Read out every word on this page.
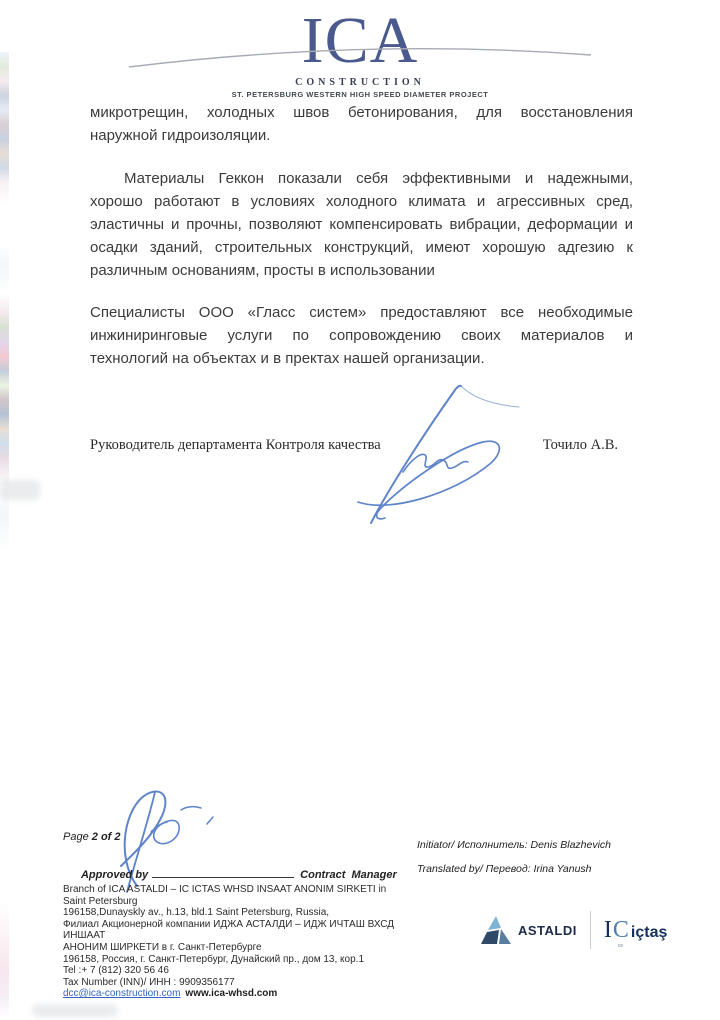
ICA
CONSTRUCTION
ST. PETERSBURG WESTERN HIGH SPEED DIAMETER PROJECT
микротрещин, холодных швов бетонирования, для восстановления
наружной гидроизоляции.
Материалы Геккон показали себя эффективными и надежными,
хорошо работают в условиях холодного климата и агрессивных сред,
эластичны и прочны, позволяют компенсировать вибрации, деформации и
осадки зданий, строительных конструкций, имеют хорошую адгезию к
различным основаниям, просты в использовании
Специалисты ООО «Гласс систем» предоставляют все необходимые
инжиниринговые услуги по сопровождению своих материалов и
технологий на объектах и в пректах нашей организации.
Руководитель департамента Контроля качества	Точило А.В.
Page 2 of 2

Approved by	Contract  Manager

Initiator/ Исполнитель: Denis Blazhevich
Translated by/ Перевод: Irina Yanush
Branch of ICA ASTALDI – IC ICTAS WHSD INSAAT ANONIM SIRKETI in
Saint Petersburg
196158,Dunayskly av., h.13, bld.1 Saint Petersburg, Russia,
Филиал Акционерной компании ИДЖА АСТАЛДИ – ИДЖ ИЧТАШ ВХСД ИНШААТ
АНОНИМ ШИРКЕТИ в г. Санкт-Петербурге
196158, Россия, г. Санкт-Петербург, Дунайский пр., дом 13, кор.1
Tel :+ 7 (812) 320 56 46
Tax Number (INN)/ ИНН : 9909356177
dcc@ica-construction.com www.ica-whsd.com
ASTALDI I C içtaş
ce
